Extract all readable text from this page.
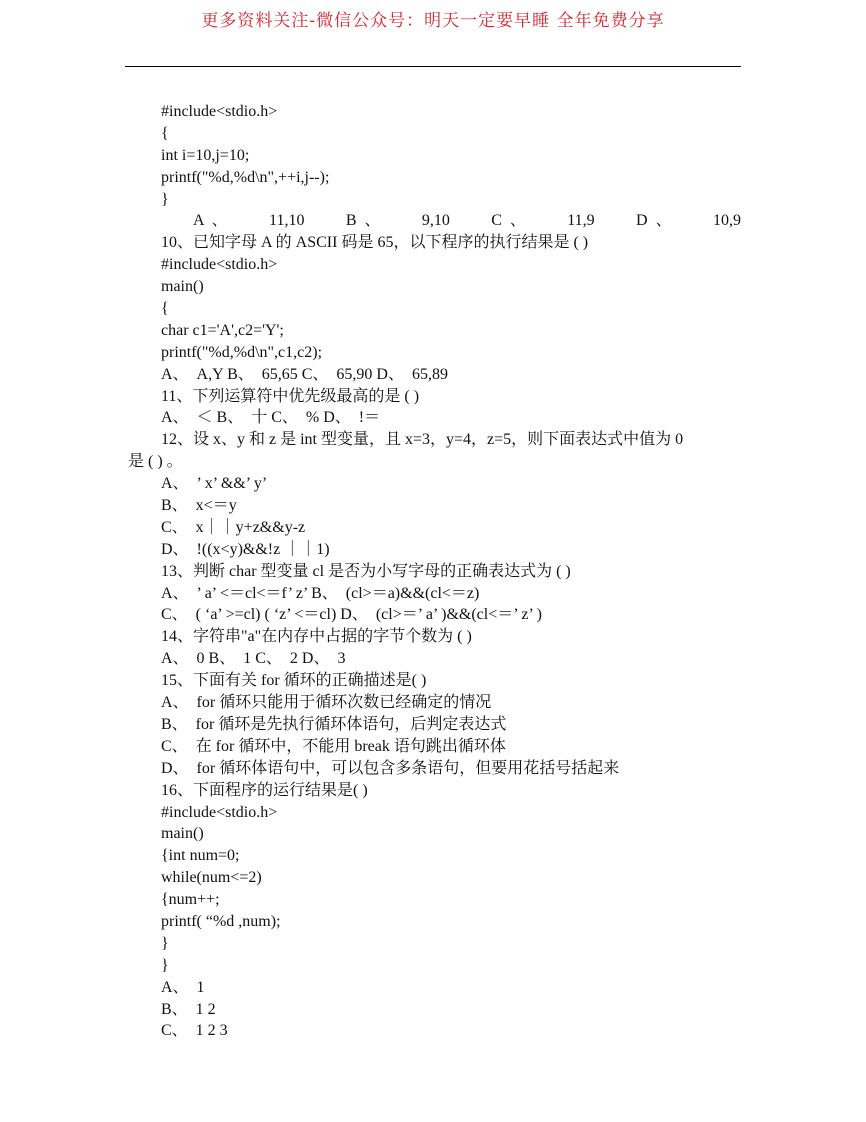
更多资料关注-微信公众号：明天一定要早睡 全年免费分享
#include<stdio.h>
{
int i=10,j=10;
printf("%d,%d\n",++i,j--);
}
A  、	11,10	B  、	9,10	C  、	11,9	D  、	10,9
10、已知字母 A 的 ASCII 码是 65，以下程序的执行结果是 ( )
#include<stdio.h>
main()
{
char c1='A',c2='Y';
printf("%d,%d\n",c1,c2);
A、  A,Y B、  65,65 C、  65,90 D、  65,89
11、下列运算符中优先级最高的是 ( )
A、  ＜ B、  十 C、  % D、  !＝
12、设 x、y 和 z 是 int 型变量，且 x=3，y=4，z=5，则下面表达式中值为 0
是 ( ) 。
A、  ’ x’ &&’ y’
B、  x<＝y
C、  x｜｜y+z&&y-z
D、  !((x<y)&&!z ｜｜1)
13、判断 char 型变量 cl 是否为小写字母的正确表达式为 ( )
A、  ’ a’ <＝cl<＝f’ z’ B、  (cl>＝a)&&(cl<＝z)
C、  ( ‘a’ >=cl) ( ‘z’ <＝cl) D、  (cl>＝’ a’ )&&(cl<＝’ z’ )
14、字符串"a"在内存中占据的字节个数为 ( )
A、  0 B、  1 C、  2 D、  3
15、下面有关 for 循环的正确描述是( )
A、  for 循环只能用于循环次数已经确定的情况
B、  for 循环是先执行循环体语句，后判定表达式
C、  在 for 循环中，不能用 break 语句跳出循环体
D、  for 循环体语句中，可以包含多条语句，但要用花括号括起来
16、下面程序的运行结果是( )
#include<stdio.h>
main()
{int num=0;
while(num<=2)
{num++;
printf( “%d ,num);
}
}
A、  1
B、  1 2
C、  1 2 3
